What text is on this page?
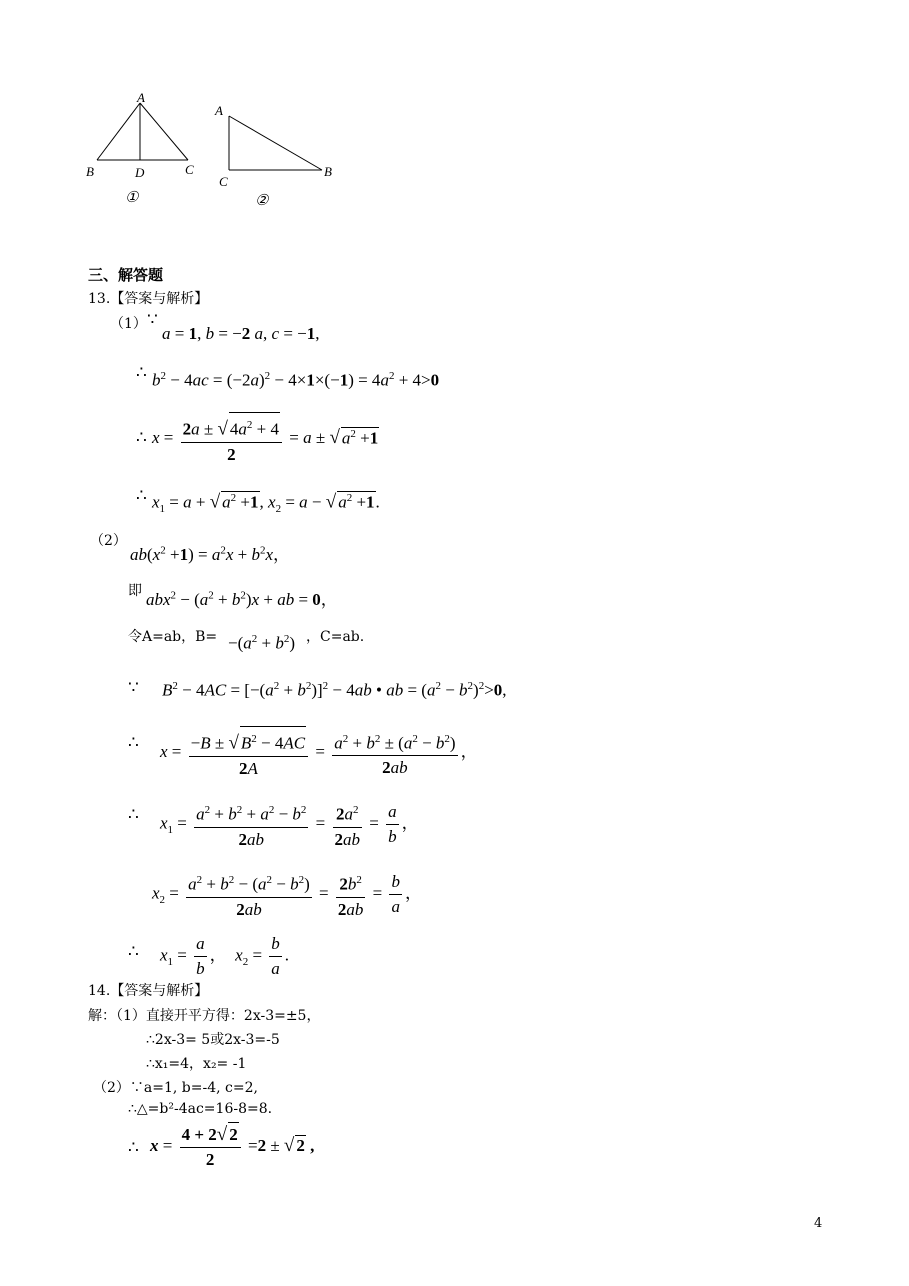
A
B	C
D
①
A
B
C
②
三、解答题
13.【答案与解析】
（1） ∵
a = 1, b = −2 a, c = −1,
∴ $b^2 - 4ac = (-2a)^2 - 4\times 1\times(-1) = 4a^2 + 4>0$
∴ $x = \frac{2a \pm √ 4a^2 + 4}{2} = a$ ± √ $a^2 +1$
∴ $x_1 = a$ + √ $a^2 +1$, $x_2 = a$ − √ $a^2 +1$.
（2）
$ab(x^2 +1) = a^2x + b^2x$，
即 $abx^2 - (a^2 + b^2)x$ + ab = 0，
令A=ab，$B= -(a^2 + b^2)$ ，C=ab.
∵ $B^2 - 4AC = [-(a^2 + b^2)]^2 - 4ab$ • ab = $(a^2 - b^2)^2>0$,
∴ $x = \frac{-B \pm √ B^2 - 4AC}{2A} = \frac{a^2 + b^2 \pm (a^2 - b^2)}{2ab}$ ，
∴ $x_1 = \frac{a^2 + b^2 + a^2 - b^2}{2ab} = \frac{2a^2}{2ab} = \frac{a}{b}$ ，
$x_2 = \frac{a^2 + b^2 - (a^2 - b^2)}{2ab} = \frac{2b^2}{2ab} = \frac{b}{a}$ ，
∴ $x_1 = \frac{a}{b}$ ，  $x_2 = \frac{b}{a}$ .
14.【答案与解析】
解：（1）直接开平方得：2x-3=±5，
∴2x-3= 5或2x-3=-5
∴x₁=4，x₂= -1
（2）∵a=1, b=-4, c=2,
∴△=b²-4ac=16-8=8.
∴ $x = \frac{4 + 2√ 2}{2} =2$ ± √ 2 ,
4
